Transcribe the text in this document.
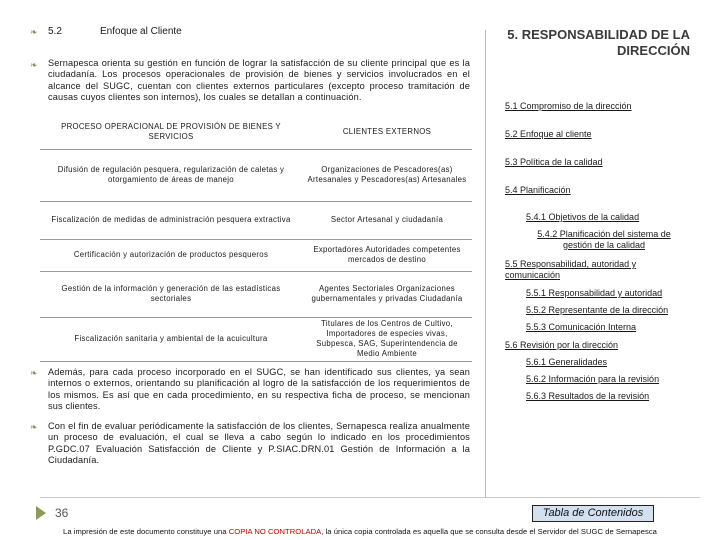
❧ 5.2	Enfoque al Cliente
❧ Sernapesca orienta su gestión en función de lograr la satisfacción de su cliente principal que es la ciudadanía. Los procesos operacionales de provisión de bienes y servicios involucrados en el alcance del SUGC, cuentan con clientes externos particulares (excepto proceso tramitación de causas cuyos clientes son internos), los cuales se detallan a continuación.

PROCESO OPERACIONAL DE PROVISIÓN DE BIENES Y SERVICIOS	CLIENTES EXTERNOS
Difusión de regulación pesquera, regularización de caletas y otorgamiento de áreas de manejo	Organizaciones de Pescadores(as) Artesanales y Pescadores(as) Artesanales
Fiscalización de medidas de administración pesquera extractiva	Sector Artesanal y ciudadanía
Certificación y autorización de productos pesqueros	Exportadores Autoridades competentes mercados de destino
Gestión de la información y generación de las estadísticas sectoriales	Agentes Sectoriales Organizaciones gubernamentales y privadas Ciudadanía
Fiscalización sanitaria y ambiental de la acuicultura	Titulares de los Centros de Cultivo, Importadores de especies vivas, Subpesca, SAG, Superintendencia de Medio Ambiente
❧ Además, para cada proceso incorporado en el SUGC, se han identificado sus clientes, ya sean internos o externos, orientando su planificación al logro de la satisfacción de los requerimientos de los mismos. Es así que en cada procedimiento, en su respectiva ficha de proceso, se mencionan sus clientes.

❧ Con el fin de evaluar periódicamente la satisfacción de los clientes, Sernapesca realiza anualmente un proceso de evaluación, el cual se lleva a cabo según lo indicado en los procedimientos P.GDC.07 Evaluación Satisfacción de Cliente y P.SIAC.DRN.01 Gestión de Información a la Ciudadanía.

5. RESPONSABILIDAD DE LA DIRECCIÓN
5.1 Compromiso de la dirección
5.2 Enfoque al cliente
5.3 Política de la calidad
5.4 Planificación
5.4.1 Objetivos de la calidad
5.4.2 Planificación del sistema de gestión de la calidad
5.5 Responsabilidad, autoridad y comunicación
5.5.1 Responsabilidad y autoridad
5.5.2 Representante de la dirección
5.5.3 Comunicación Interna
5.6 Revisión por la dirección
5.6.1 Generalidades
5.6.2 Información para la revisión
5.6.3 Resultados de la revisión
36	Tabla de Contenidos
La impresión de este documento constituye una COPIA NO CONTROLADA, la única copia controlada es aquella que se consulta desde el Servidor del SUGC de Sernapesca
